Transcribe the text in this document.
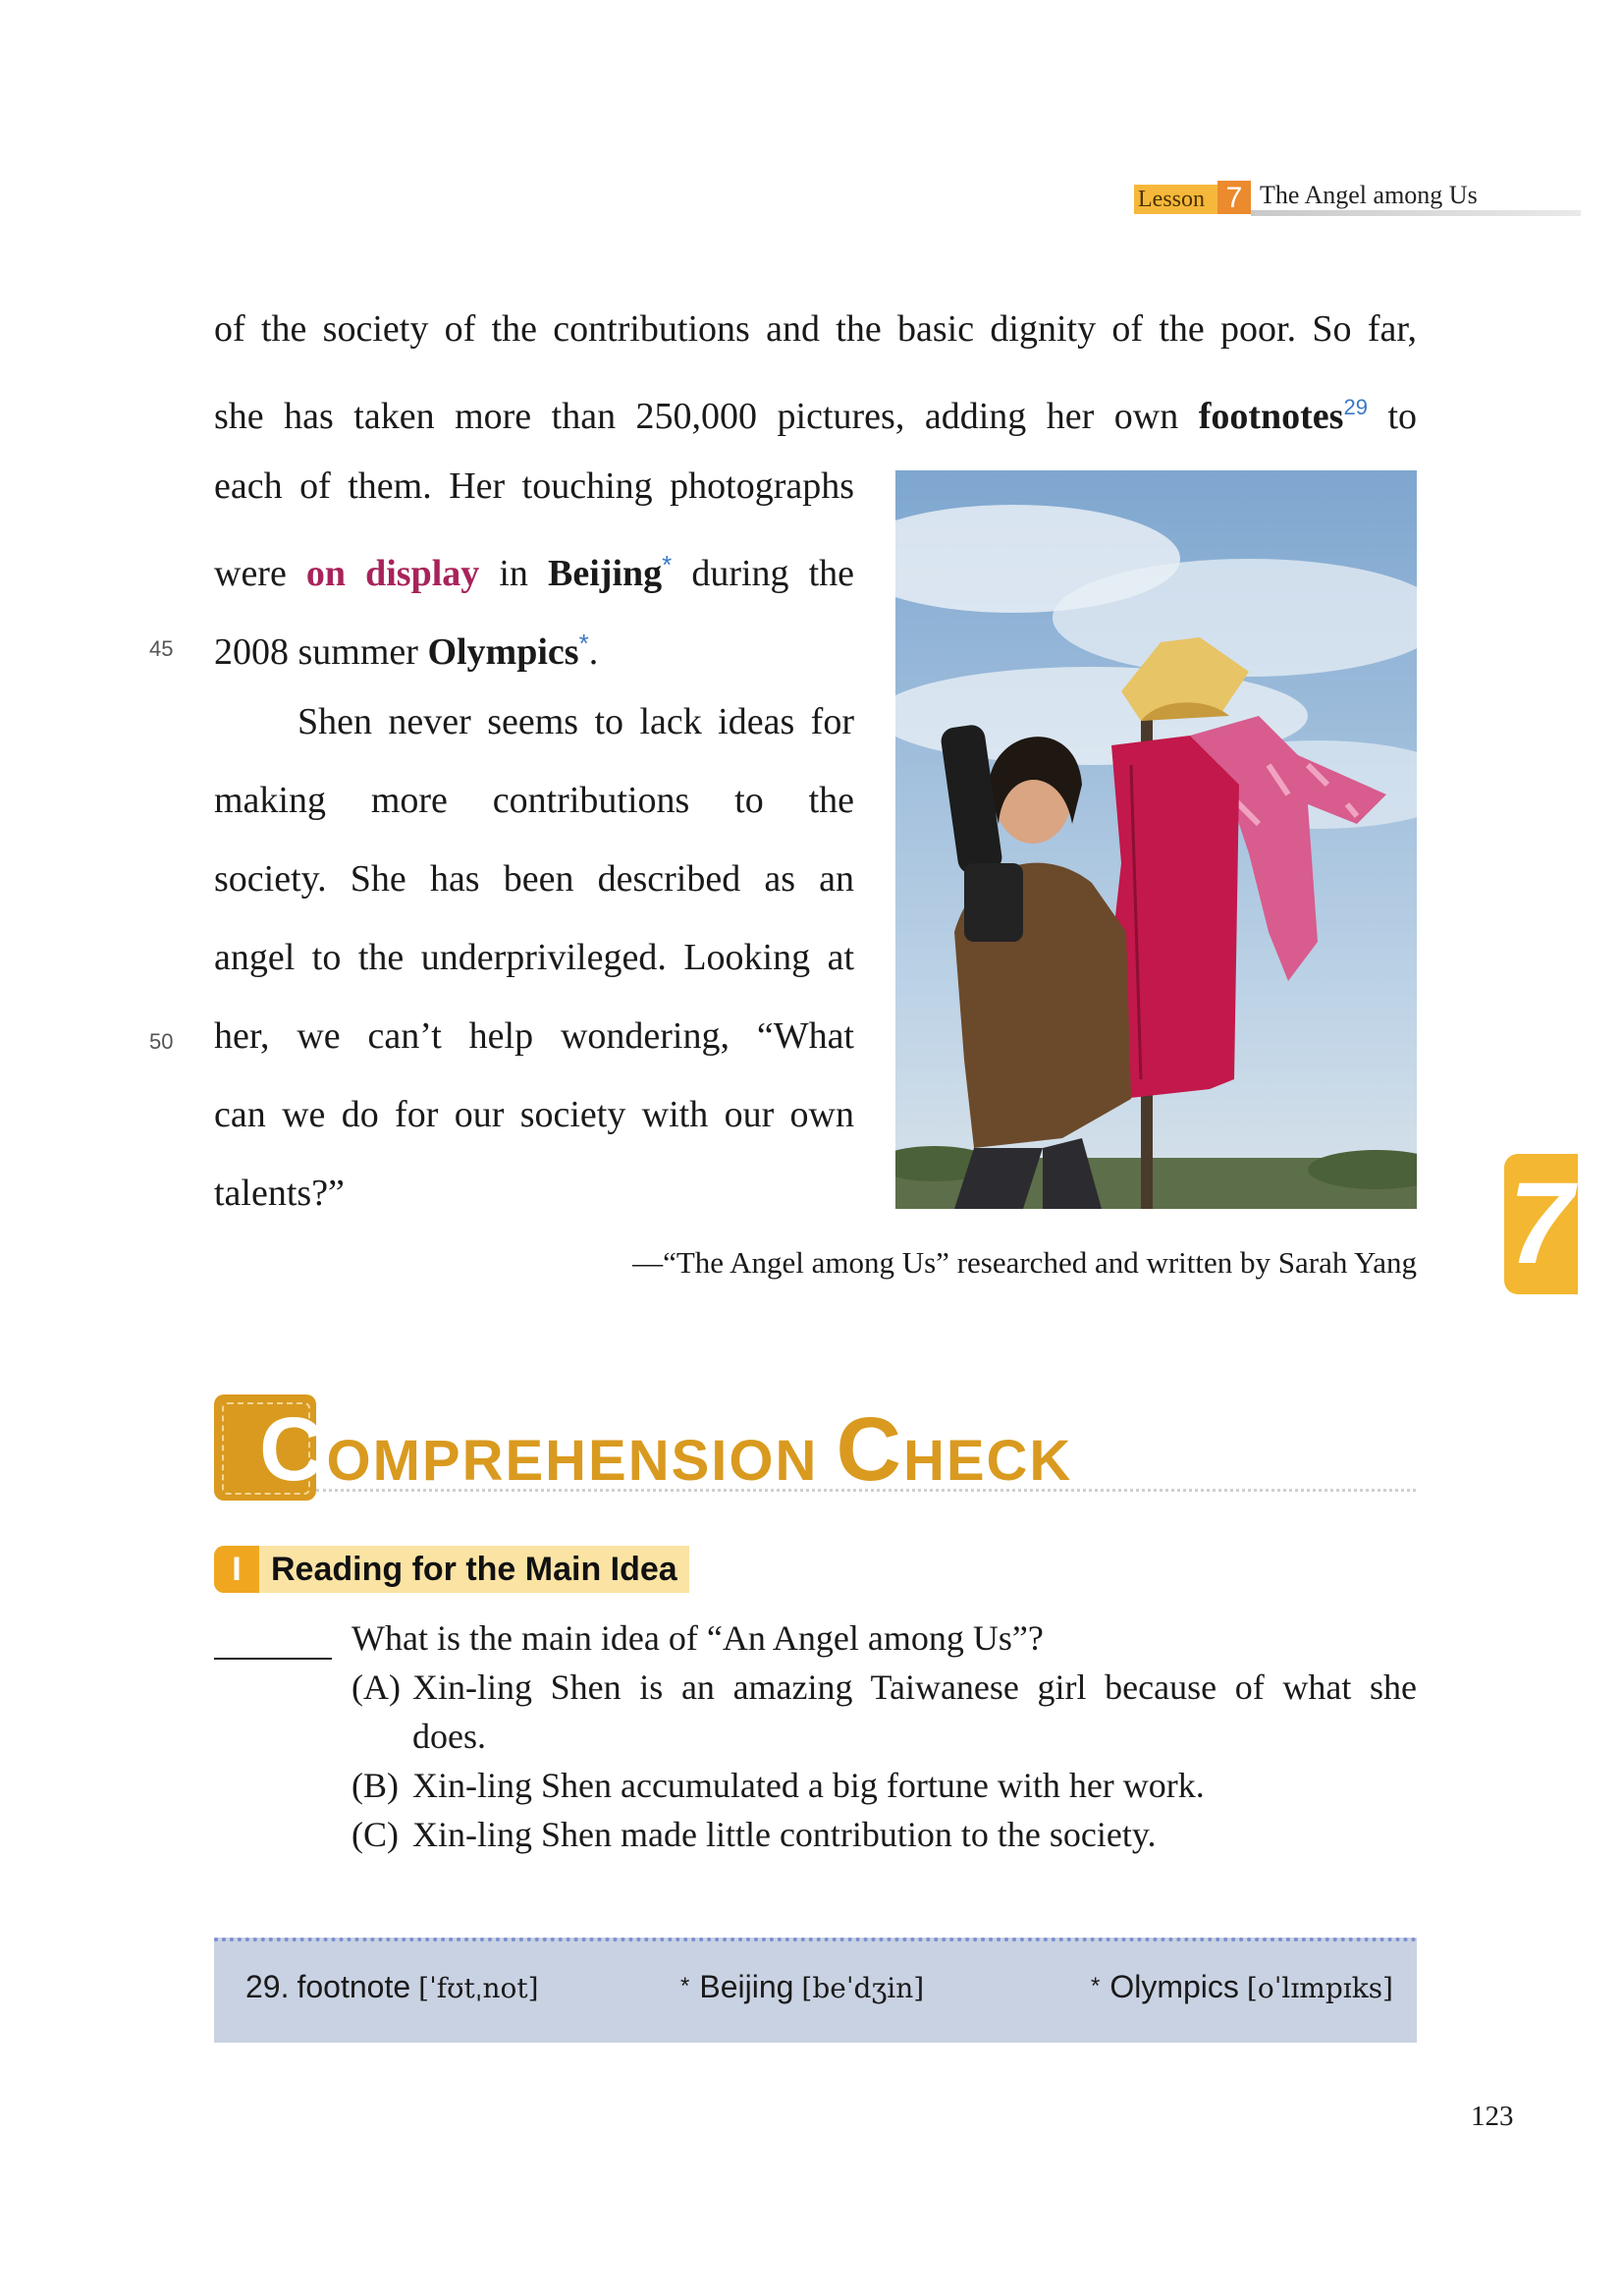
Lesson 7 The Angel among Us
of the society of the contributions and the basic dignity of the poor. So far,
she has taken more than 250,000 pictures, adding her own footnotes$^{29}$ to
each of them. Her touching photographs
were on display in Beijing* during the
45 2008 summer Olympics*.
Shen never seems to lack ideas for
making more contributions to the
society. She has been described as an
angel to the underprivileged. Looking at
50 her, we can’t help wondering, “What
can we do for our society with our own
talents?”
—“The Angel among Us” researched and written by Sarah Yang 7
COMPREHENSION CHECK
I Reading for the Main Idea
What is the main idea of “An Angel among Us”?
(A) Xin-ling Shen is an amazing Taiwanese girl because of what she
does.
(B) Xin-ling Shen accumulated a big fortune with her work.
(C) Xin-ling Shen made little contribution to the society.
29. footnote [ˈfʊtˌnot]	* Beijing [beˈdʒin]	* Olympics [oˈlɪmpɪks]
123
